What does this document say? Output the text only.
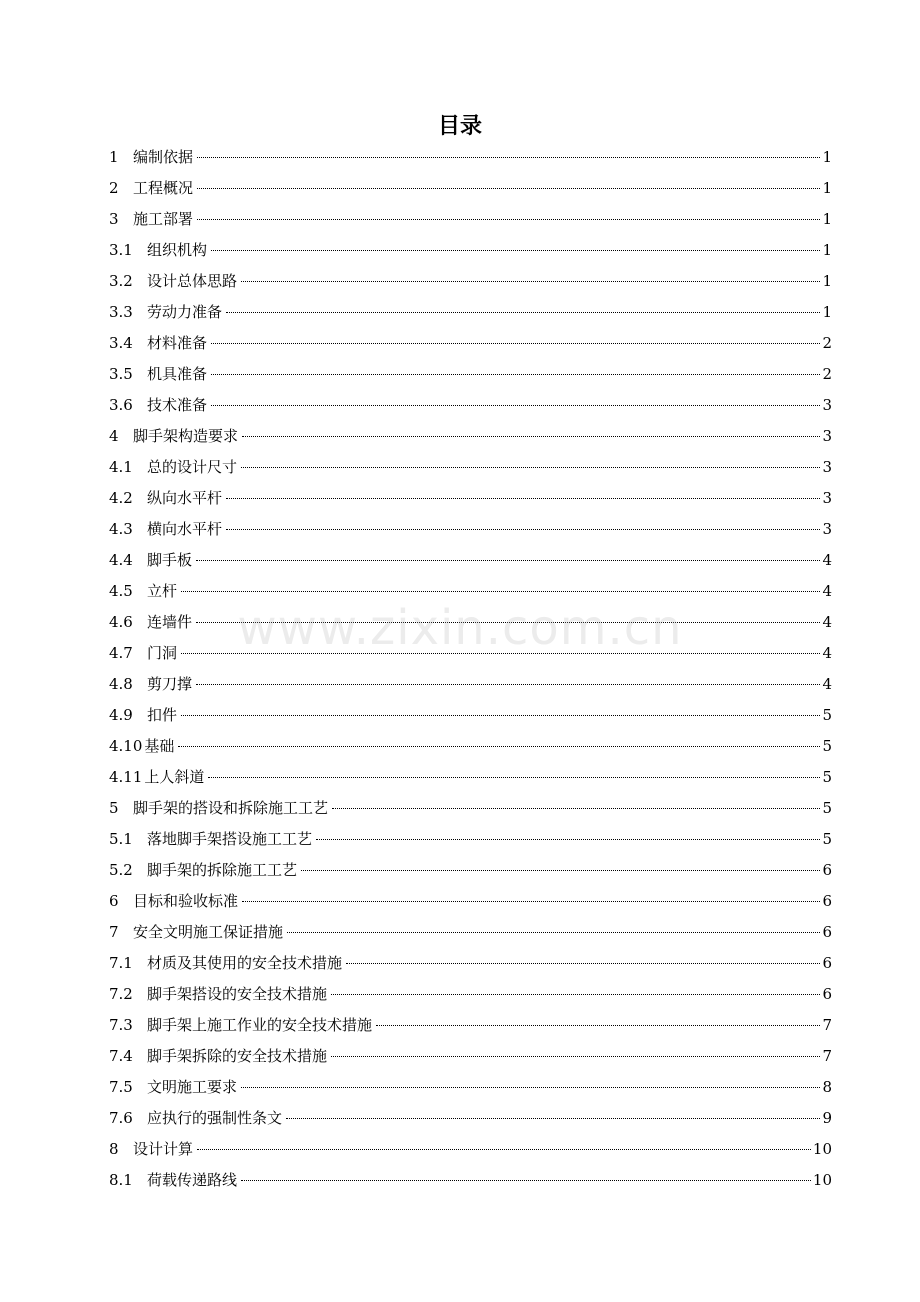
目录
1 编制依据	1
2 工程概况	1
3 施工部署	1
3.1 组织机构	1
3.2 设计总体思路	1
3.3 劳动力准备	1
3.4 材料准备	2
3.5 机具准备	2
3.6 技术准备	3
4 脚手架构造要求	3
4.1 总的设计尺寸	3
4.2 纵向水平杆	3
4.3 横向水平杆	3
4.4 脚手板	4
4.5 立杆	4
4.6 连墙件	4
4.7 门洞	4
4.8 剪刀撑	4
4.9 扣件	5
4.10 基础	5
4.11 上人斜道	5
5 脚手架的搭设和拆除施工工艺	5
5.1 落地脚手架搭设施工工艺	5
5.2 脚手架的拆除施工工艺	6
6 目标和验收标准	6
7 安全文明施工保证措施	6
7.1 材质及其使用的安全技术措施	6
7.2 脚手架搭设的安全技术措施	6
7.3 脚手架上施工作业的安全技术措施	7
7.4 脚手架拆除的安全技术措施	7
7.5 文明施工要求	8
7.6 应执行的强制性条文	9
8 设计计算	10
8.1 荷载传递路线	10
www.zixin.com.cn
